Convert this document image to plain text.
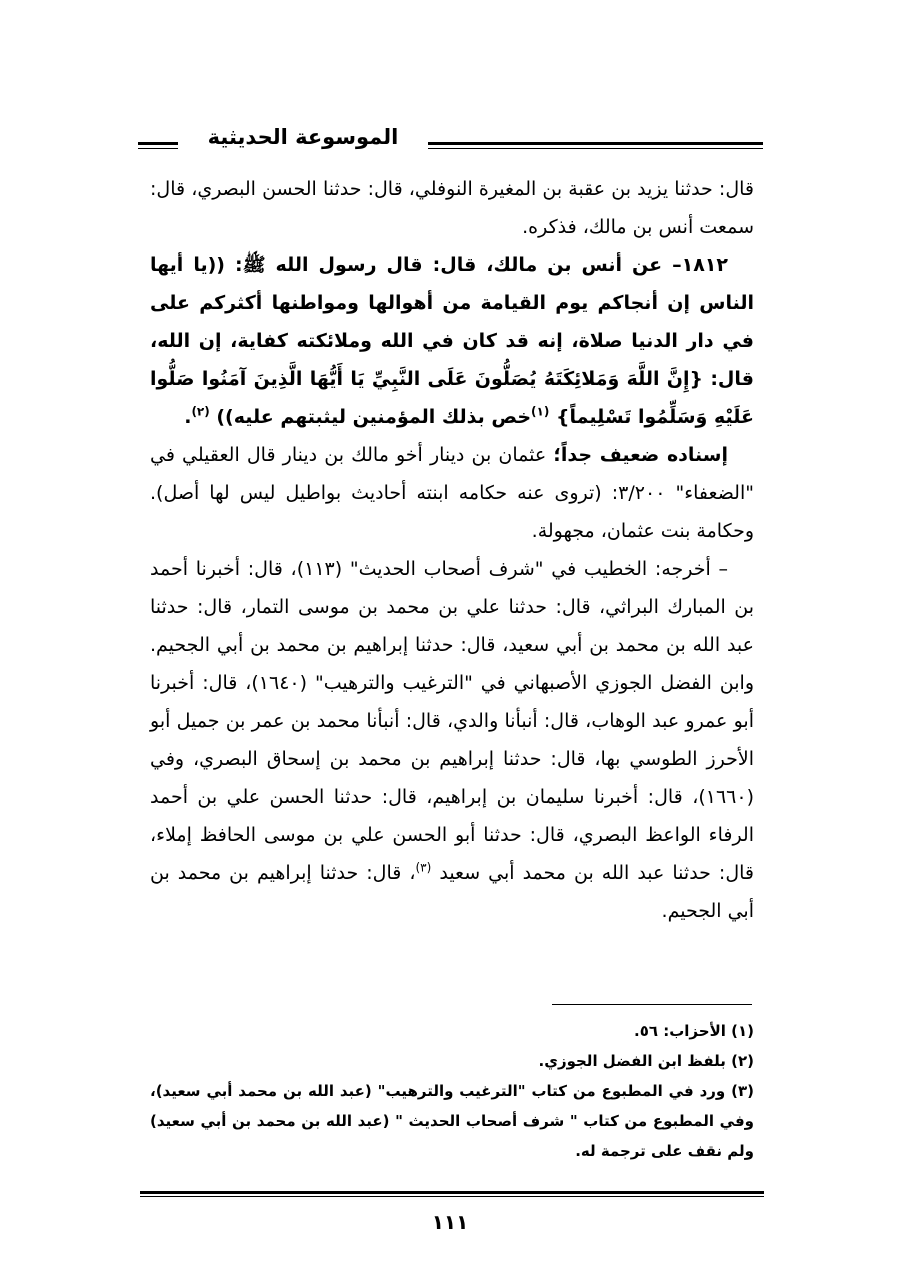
الموسوعة الحديثية

قال: حدثنا يزيد بن عقبة بن المغيرة النوفلي، قال: حدثنا الحسن البصري، قال: سمعت أنس بن مالك، فذكره.

١٨١٢– عن أنس بن مالك، قال: قال رسول الله ﷺ: ((يا أيها الناس إن أنجاكم يوم القيامة من أهوالها ومواطنها أكثركم على في دار الدنيا صلاة، إنه قد كان في الله وملائكته كفاية، إن الله، قال: {إِنَّ اللَّهَ وَمَلائِكَتَهُ يُصَلُّونَ عَلَى النَّبِيِّ يَا أَيُّهَا الَّذِينَ آمَنُوا صَلُّوا عَلَيْهِ وَسَلِّمُوا تَسْلِيماً} $^{(١)}$خص بذلك المؤمنين ليثبتهم عليه)) $^{(٢)}$.

إسناده ضعيف جداً؛ عثمان بن دينار أخو مالك بن دينار قال العقيلي في "الضعفاء" ٣/٢٠٠: (تروى عنه حكامه ابنته أحاديث بواطيل ليس لها أصل). وحكامة بنت عثمان، مجهولة.

– أخرجه: الخطيب في "شرف أصحاب الحديث" (١١٣)، قال: أخبرنا أحمد بن المبارك البراثي، قال: حدثنا علي بن محمد بن موسى التمار، قال: حدثنا عبد الله بن محمد بن أبي سعيد، قال: حدثنا إبراهيم بن محمد بن أبي الجحيم. وابن الفضل الجوزي الأصبهاني في "الترغيب والترهيب" (١٦٤٠)، قال: أخبرنا أبو عمرو عبد الوهاب، قال: أنبأنا والدي، قال: أنبأنا محمد بن عمر بن جميل أبو الأحرز الطوسي بها، قال: حدثنا إبراهيم بن محمد بن إسحاق البصري، وفي (١٦٦٠)، قال: أخبرنا سليمان بن إبراهيم، قال: حدثنا الحسن علي بن أحمد الرفاء الواعظ البصري، قال: حدثنا أبو الحسن علي بن موسى الحافظ إملاء، قال: حدثنا عبد الله بن محمد أبي سعيد $^{(٣)}$، قال: حدثنا إبراهيم بن محمد بن أبي الجحيم.

(١) الأحزاب: ٥٦.

(٢) بلفظ ابن الفضل الجوزي.

(٣) ورد في المطبوع من كتاب "الترغيب والترهيب" (عبد الله بن محمد أبي سعيد)، وفي المطبوع من كتاب " شرف أصحاب الحديث " (عبد الله بن محمد بن أبي سعيد) ولم نقف على ترجمة له.

١١١
